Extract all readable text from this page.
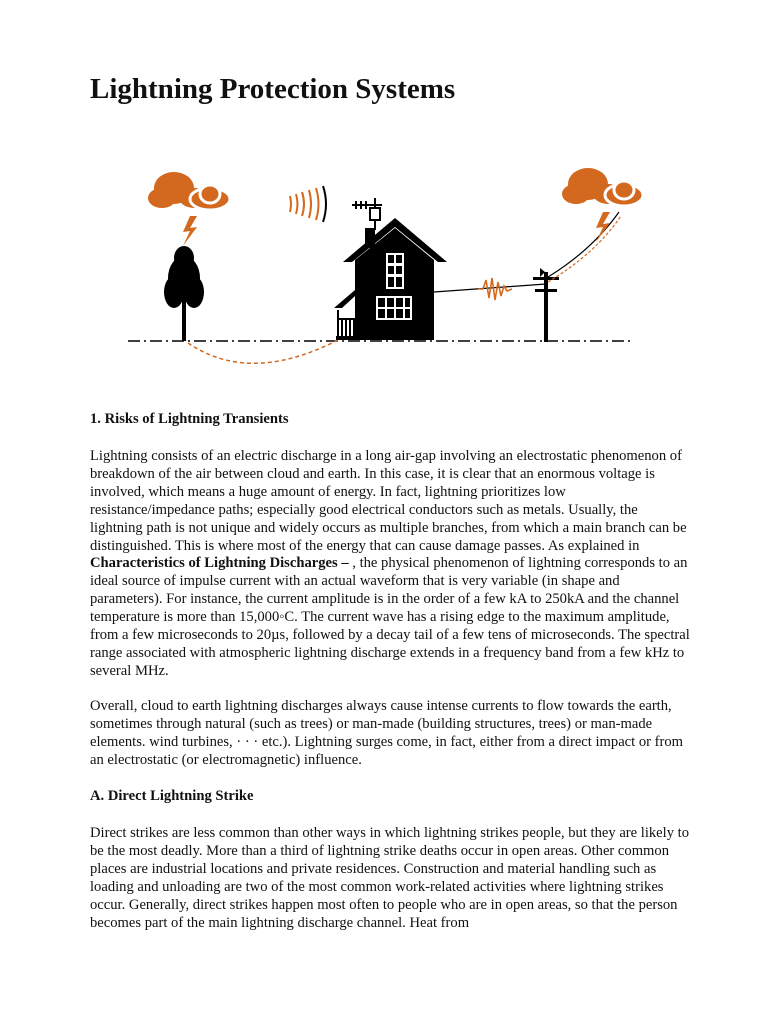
Lightning Protection Systems
1. Risks of Lightning Transients

Lightning consists of an electric discharge in a long air-gap involving an electrostatic phenomenon of breakdown of the air between cloud and earth. In this case, it is clear that an enormous voltage is involved, which means a huge amount of energy. In fact, lightning prioritizes low resistance/impedance paths; especially good electrical conductors such as metals. Usually, the lightning path is not unique and widely occurs as multiple branches, from which a main branch can be distinguished. This is where most of the energy that can cause damage passes. As explained in Characteristics of Lightning Discharges – , the physical phenomenon of lightning corresponds to an ideal source of impulse current with an actual waveform that is very variable (in shape and parameters). For instance, the current amplitude is in the order of a few kA to 250kA and the channel temperature is more than 15,000◦C. The current wave has a rising edge to the maximum amplitude, from a few microseconds to 20µs, followed by a decay tail of a few tens of microseconds. The spectral range associated with atmospheric lightning discharge extends in a frequency band from a few kHz to several MHz.

Overall, cloud to earth lightning discharges always cause intense currents to flow towards the earth, sometimes through natural (such as trees) or man-made (building structures, trees) or man-made elements. wind turbines, · · · etc.). Lightning surges come, in fact, either from a direct impact or from an electrostatic (or electromagnetic) influence.

A. Direct Lightning Strike

Direct strikes are less common than other ways in which lightning strikes people, but they are likely to be the most deadly. More than a third of lightning strike deaths occur in open areas. Other common places are industrial locations and private residences. Construction and material handling such as loading and unloading are two of the most common work-related activities where lightning strikes occur. Generally, direct strikes happen most often to people who are in open areas, so that the person becomes part of the main lightning discharge channel. Heat from
